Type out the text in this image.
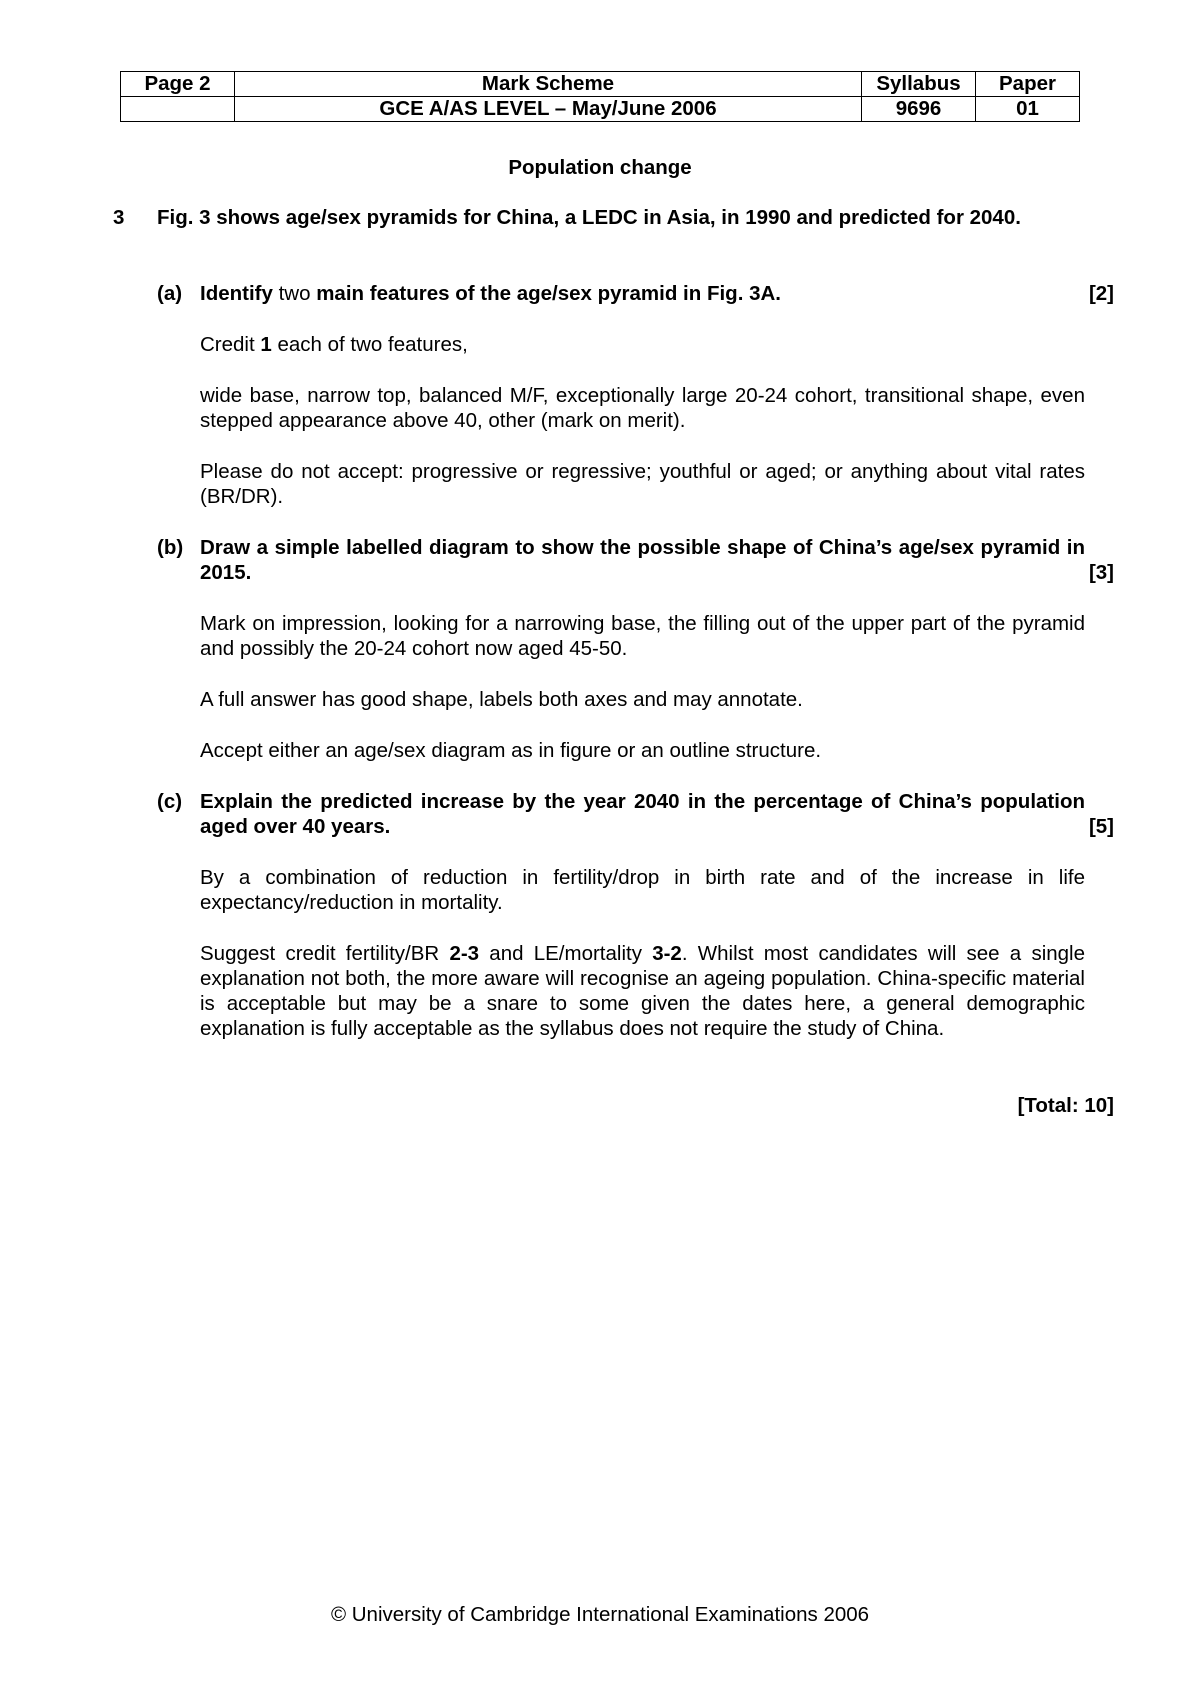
Page 2	Mark Scheme	Syllabus	Paper
	GCE A/AS LEVEL – May/June 2006	9696	01
Population change
3 Fig. 3 shows age/sex pyramids for China, a LEDC in Asia, in 1990 and predicted for 2040.
(a) Identify two main features of the age/sex pyramid in Fig. 3A.	[2]
Credit 1 each of two features,

wide base, narrow top, balanced M/F, exceptionally large 20-24 cohort, transitional shape, even stepped appearance above 40, other (mark on merit).

Please do not accept: progressive or regressive; youthful or aged; or anything about vital rates (BR/DR).

(b) Draw a simple labelled diagram to show the possible shape of China’s age/sex pyramid in 2015.	[3]

Mark on impression, looking for a narrowing base, the filling out of the upper part of the pyramid and possibly the 20-24 cohort now aged 45-50.

A full answer has good shape, labels both axes and may annotate.

Accept either an age/sex diagram as in figure or an outline structure.

(c) Explain the predicted increase by the year 2040 in the percentage of China’s population aged over 40 years.	[5]

By a combination of reduction in fertility/drop in birth rate and of the increase in life expectancy/reduction in mortality.

Suggest credit fertility/BR 2-3 and LE/mortality 3-2. Whilst most candidates will see a single explanation not both, the more aware will recognise an ageing population. China-specific material is acceptable but may be a snare to some given the dates here, a general demographic explanation is fully acceptable as the syllabus does not require the study of China.

[Total: 10]
© University of Cambridge International Examinations 2006
